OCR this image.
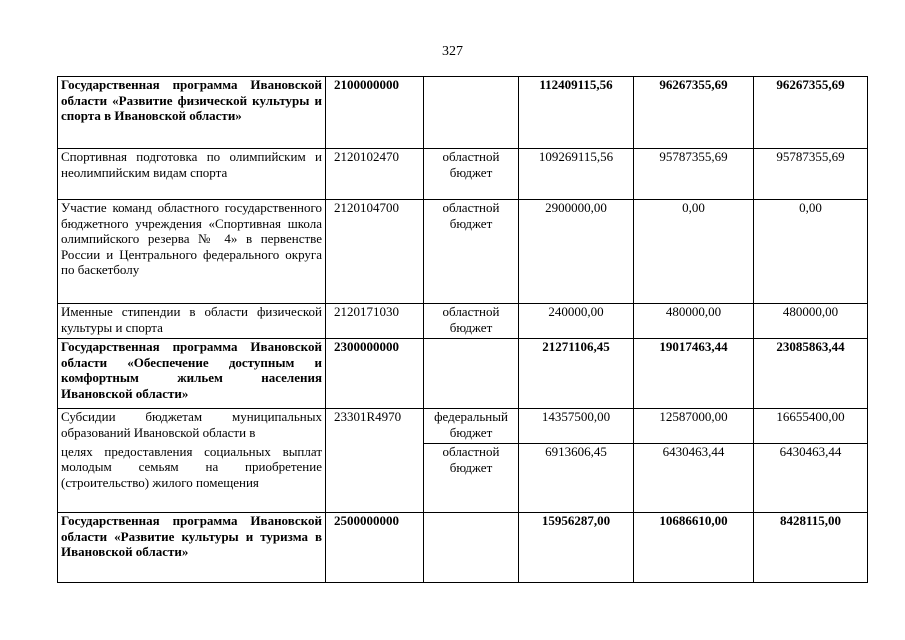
327
Государственная программа Ивановской области «Развитие физической культуры и спорта в Ивановской области»	2100000000		112409115,56	96267355,69	96267355,69
Спортивная подготовка по олимпийским и неолимпийским видам спорта	2120102470	областной бюджет	109269115,56	95787355,69	95787355,69
Участие команд областного государственного бюджетного учреждения «Спортивная школа олимпийского резерва № 4» в первенстве России и Центрального федерального округа по баскетболу	2120104700	областной бюджет	2900000,00	0,00	0,00
Именные стипендии в области физической культуры и спорта	2120171030	областной бюджет	240000,00	480000,00	480000,00
Государственная программа Ивановской области «Обеспечение доступным и комфортным жильем населения Ивановской области»	2300000000		21271106,45	19017463,44	23085863,44
Субсидии бюджетам муниципальных образований Ивановской области в	23301R4970	федеральный бюджет	14357500,00	12587000,00	16655400,00
целях предоставления социальных выплат молодым семьям на приобретение (строительство) жилого помещения		областной бюджет	6913606,45	6430463,44	6430463,44
Государственная программа Ивановской области «Развитие культуры и туризма в Ивановской области»	2500000000		15956287,00	10686610,00	8428115,00
